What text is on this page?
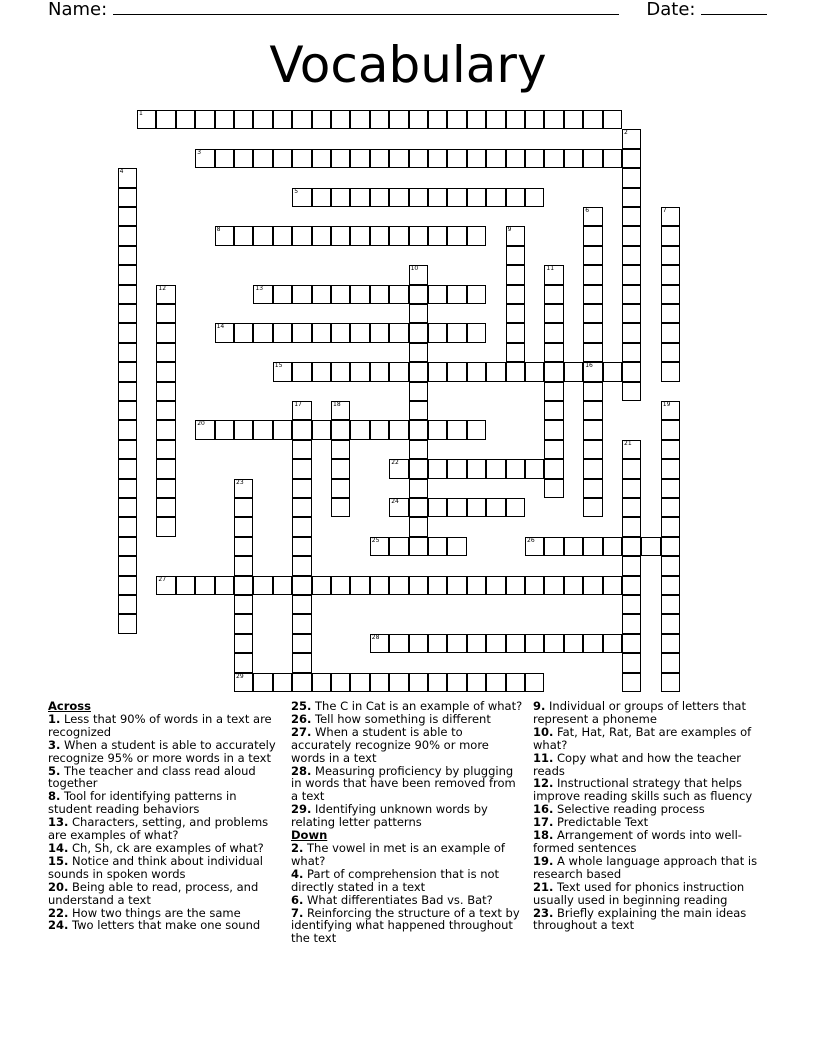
Name:	Date:
Vocabulary
1
2
3
4
5
6
16
7
8	9
10	11
12	13
14
15
17	18	19
20
21
22
23
24
25	26
27
28
29

Across

1. Less that 90% of words in a text are recognized

3. When a student is able to accurately recognize 95% or more words in a text

5. The teacher and class read aloud together

8. Tool for identifying patterns in student reading behaviors

13. Characters, setting, and problems are examples of what?

14. Ch, Sh, ck are examples of what?

15. Notice and think about individual sounds in spoken words

20. Being able to read, process, and understand a text

22. How two things are the same

24. Two letters that make one sound

25. The C in Cat is an example of what?

26. Tell how something is different

27. When a student is able to accurately recognize 90% or more words in a text

28. Measuring proficiency by plugging in words that have been removed from a text

29. Identifying unknown words by relating letter patterns

Down

2. The vowel in met is an example of what?

4. Part of comprehension that is not directly stated in a text

6. What differentiates Bad vs. Bat?

7. Reinforcing the structure of a text by identifying what happened throughout the text

9. Individual or groups of letters that represent a phoneme

10. Fat, Hat, Rat, Bat are examples of what?

11. Copy what and how the teacher reads

12. Instructional strategy that helps improve reading skills such as fluency

16. Selective reading process

17. Predictable Text

18. Arrangement of words into well-formed sentences

19. A whole language approach that is research based

21. Text used for phonics instruction usually used in beginning reading

23. Briefly explaining the main ideas throughout a text
